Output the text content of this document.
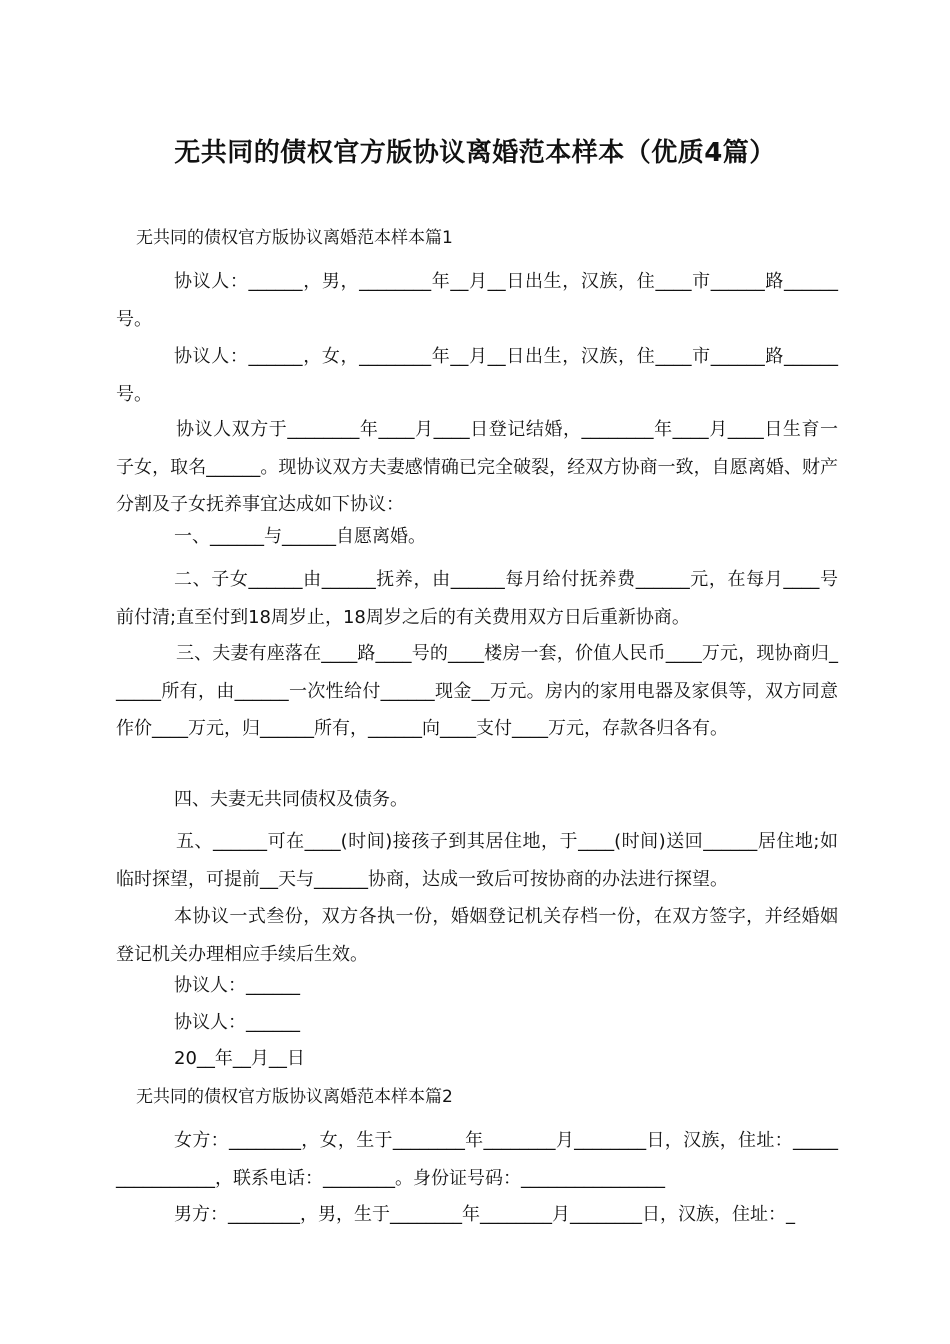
无共同的债权官方版协议离婚范本样本（优质4篇）
无共同的债权官方版协议离婚范本样本篇1

协议人：______，男，________年__月__日出生，汉族，住____市______路______号。

协议人：______，女，________年__月__日出生，汉族，住____市______路______号。

协议人双方于________年____月____日登记结婚，________年____月____日生育一子女，取名______。现协议双方夫妻感情确已完全破裂，经双方协商一致，自愿离婚、财产分割及子女抚养事宜达成如下协议：

一、______与______自愿离婚。

二、子女______由______抚养，由______每月给付抚养费______元，在每月____号前付清;直至付到18周岁止，18周岁之后的有关费用双方日后重新协商。

三、夫妻有座落在____路____号的____楼房一套，价值人民币____万元，现协商归______所有，由______一次性给付______现金__万元。房内的家用电器及家俱等，双方同意作价____万元，归______所有，______向____支付____万元，存款各归各有。

四、夫妻无共同债权及债务。

五、______可在____(时间)接孩子到其居住地，于____(时间)送回______居住地;如临时探望，可提前__天与______协商，达成一致后可按协商的办法进行探望。

本协议一式叁份，双方各执一份，婚姻登记机关存档一份，在双方签字，并经婚姻登记机关办理相应手续后生效。

协议人：______
协议人：______
20__年__月__日
无共同的债权官方版协议离婚范本样本篇2

女方：________，女，生于________年________月________日，汉族，住址：________________，联系电话：________。身份证号码：________________

男方：________，男，生于________年________月________日，汉族，住址：_
